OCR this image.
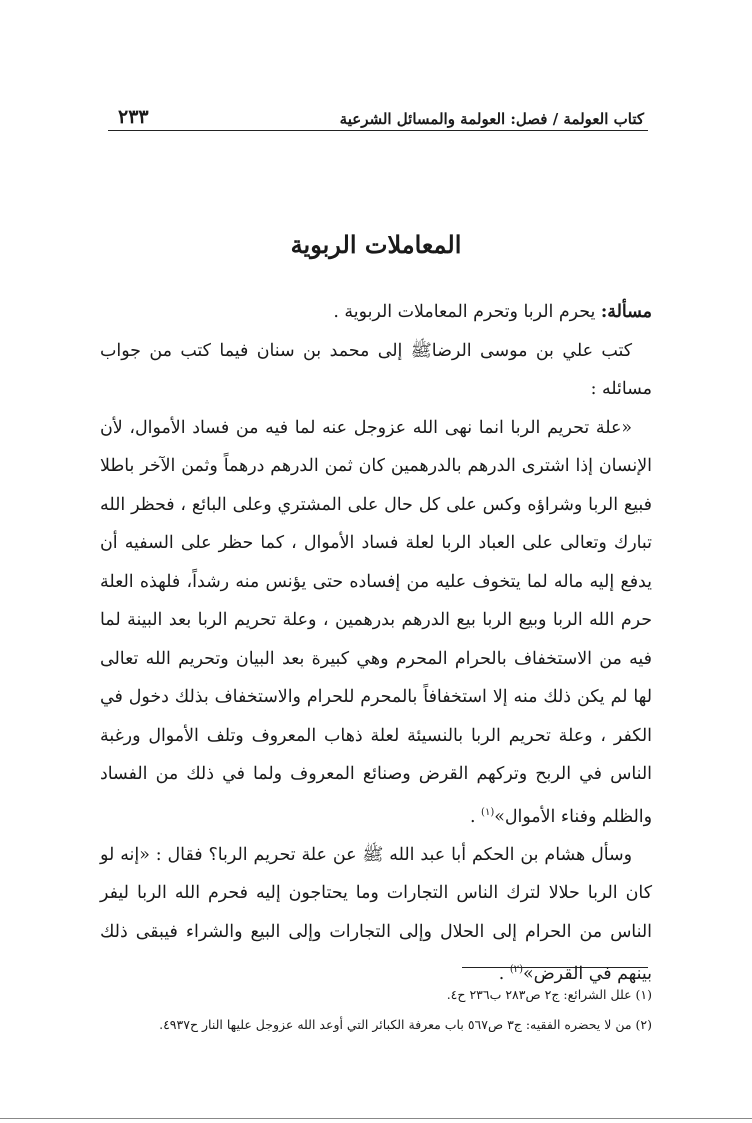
كتاب العولمة / فصل: العولمة والمسائل الشرعية
٢٣٣
المعاملات الربوية

مسألة: يحرم الربا وتحرم المعاملات الربوية .

كتب علي بن موسى الرضاﷺ إلى محمد بن سنان فيما كتب من جواب مسائله :

«علة تحريم الربا انما نهى الله عزوجل عنه لما فيه من فساد الأموال، لأن الإنسان إذا اشترى الدرهم بالدرهمين كان ثمن الدرهم درهماً وثمن الآخر باطلا فبيع الربا وشراؤه وكس على كل حال على المشتري وعلى البائع ، فحظر الله تبارك وتعالى على العباد الربا لعلة فساد الأموال ، كما حظر على السفيه أن يدفع إليه ماله لما يتخوف عليه من إفساده حتى يؤنس منه رشداً، فلهذه العلة حرم الله الربا وبيع الربا بيع الدرهم بدرهمين ، وعلة تحريم الربا بعد البينة لما فيه من الاستخفاف بالحرام المحرم وهي كبيرة بعد البيان وتحريم الله تعالى لها لم يكن ذلك منه إلا استخفافاً بالمحرم للحرام والاستخفاف بذلك دخول في الكفر ، وعلة تحريم الربا بالنسيئة لعلة ذهاب المعروف وتلف الأموال ورغبة الناس في الربح وتركهم القرض وصنائع المعروف ولما في ذلك من الفساد والظلم وفناء الأموال»$^{(١)}$ .

وسأل هشام بن الحكم أبا عبد الله ﷺ عن علة تحريم الربا؟ فقال : «إنه لو كان الربا حلالا لترك الناس التجارات وما يحتاجون إليه فحرم الله الربا ليفر الناس من الحرام إلى الحلال وإلى التجارات وإلى البيع والشراء فيبقى ذلك بينهم في القرض»$^{(٢)}$ .

(١) علل الشرائع: ج٢ ص٢٨٣ ب٢٣٦ ح٤.

(٢) من لا يحضره الفقيه: ج٣ ص٥٦٧ باب معرفة الكبائر التي أوعد الله عزوجل عليها النار ح٤٩٣٧.
